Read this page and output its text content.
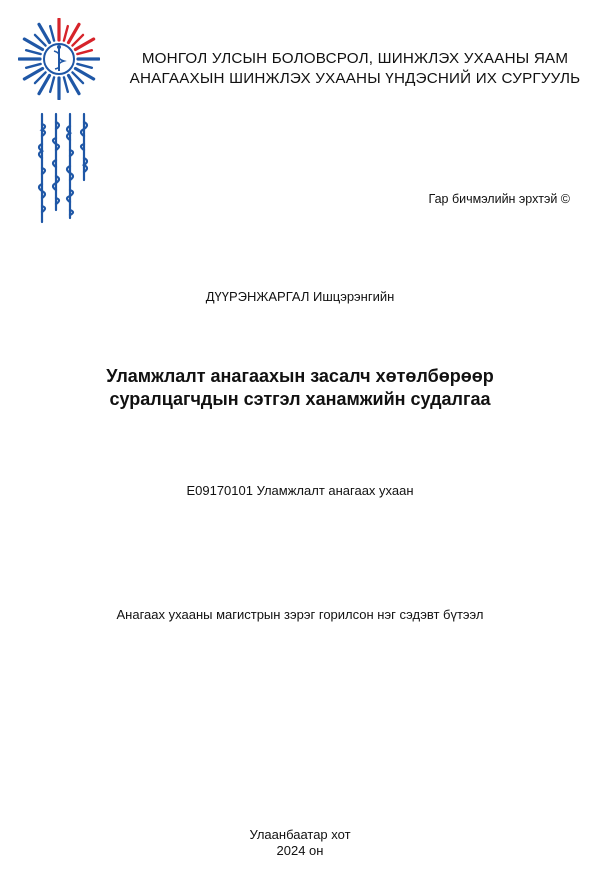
МОНГОЛ УЛСЫН БОЛОВСРОЛ, ШИНЖЛЭХ УХААНЫ ЯАМ
АНАГААХЫН ШИНЖЛЭХ УХААНЫ ҮНДЭСНИЙ ИХ СУРГУУЛЬ
Гар бичмэлийн эрхтэй ©
ДҮҮРЭНЖАРГАЛ Ишцэрэнгийн
Уламжлалт анагаахын засалч хөтөлбөрөөр
суралцагчдын сэтгэл ханамжийн судалгаа
E09170101 Уламжлалт анагаах ухаан
Анагаах ухааны магистрын зэрэг горилсон нэг сэдэвт бүтээл
Улаанбаатар хот
2024 он
